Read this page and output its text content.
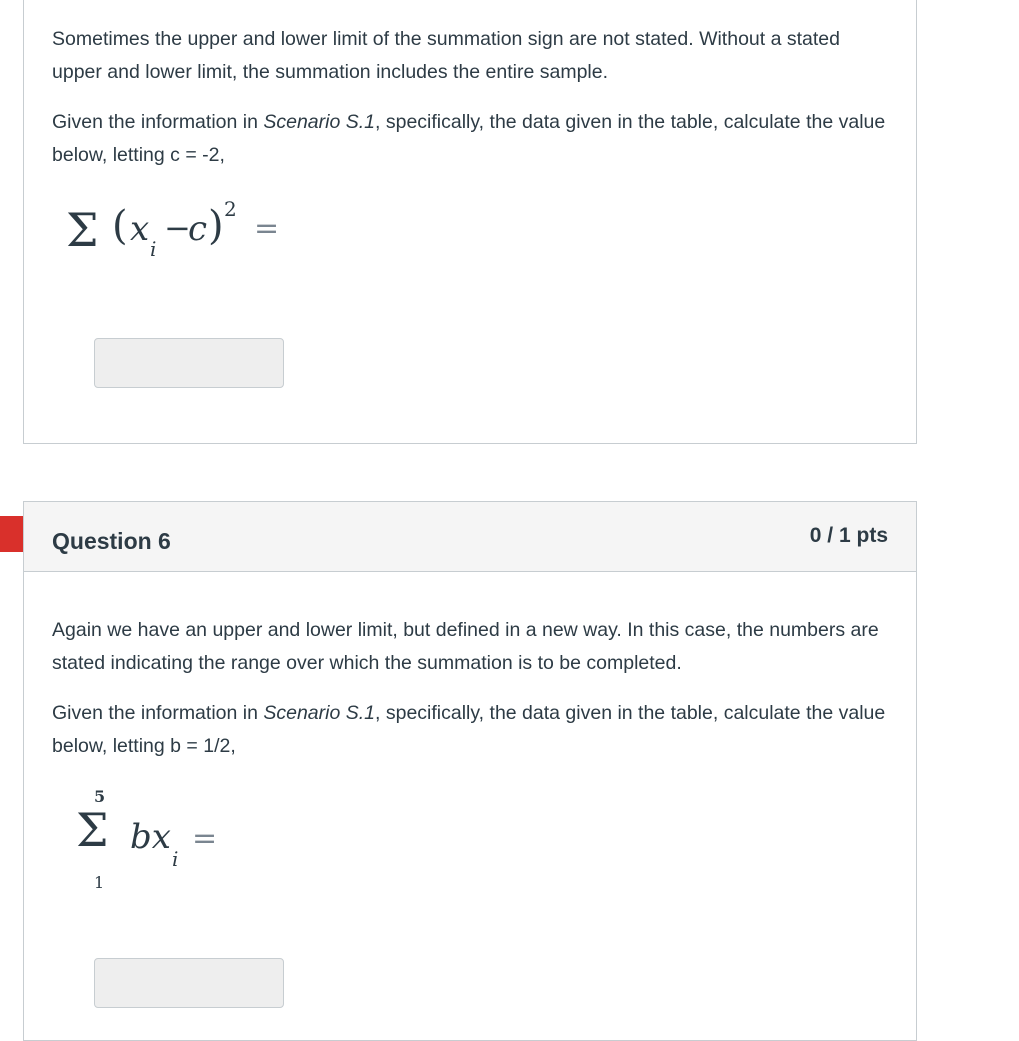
Sometimes the upper and lower limit of the summation sign are not stated. Without a stated upper and lower limit, the summation includes the entire sample.

Given the information in Scenario S.1, specifically, the data given in the table, calculate the value below, letting c = -2,

Σ ( x i
−
c ) 2
=
Question 6	0 / 1 pts

Again we have an upper and lower limit, but defined in a new way. In this case, the numbers are stated indicating the range over which the summation is to be completed.

Given the information in Scenario S.1, specifically, the data given in the table, calculate the value below, letting b = 1/2,

5
Σ
1
bx
i
=
